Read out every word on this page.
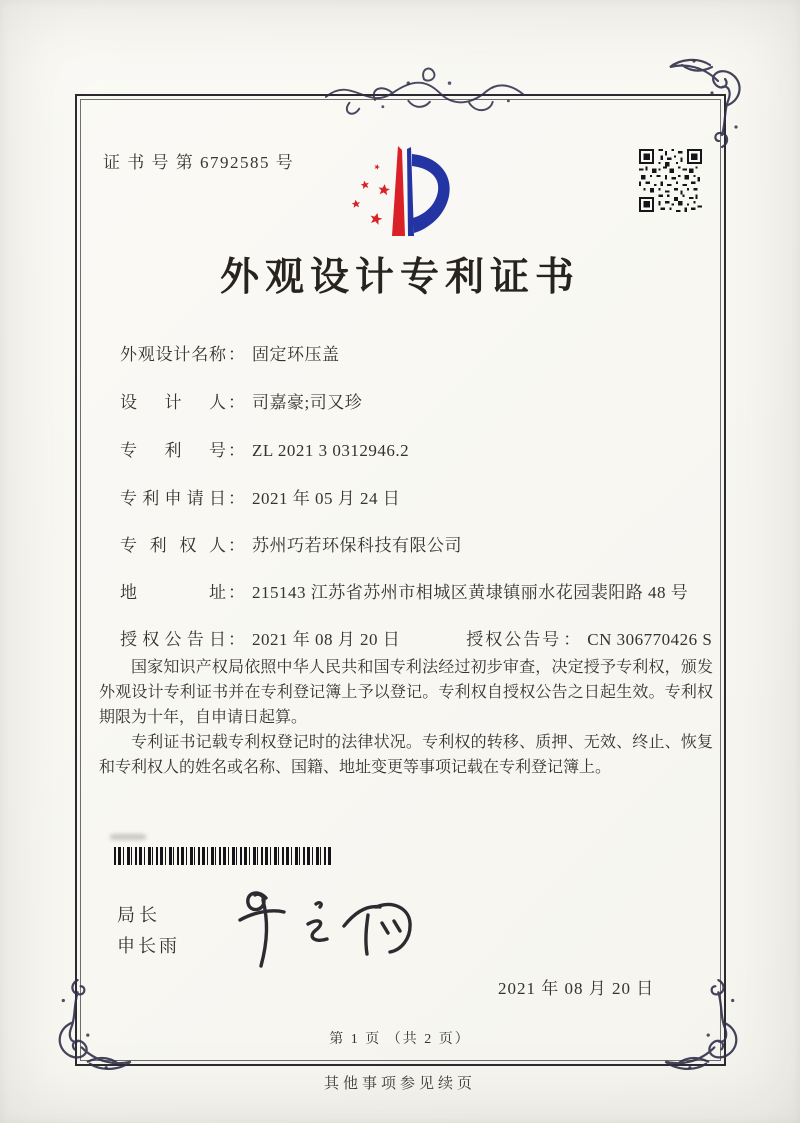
证 书 号 第 6792585 号
外观设计专利证书
外观设计名称 ： 固定环压盖
设计人 ： 司嘉豪;司又珍
专利号 ： ZL 2021 3 0312946.2
专利申请日 ： 2021 年 05 月 24 日
专利权人 ： 苏州巧若环保科技有限公司
地址 ： 215143 江苏省苏州市相城区黄埭镇丽水花园裴阳路 48 号
授权公告日 ： 2021 年 08 月 20 日	授权公告号 ： CN 306770426 S

国家知识产权局依照中华人民共和国专利法经过初步审查，决定授予专利权，颁发外观设计专利证书并在专利登记簿上予以登记。专利权自授权公告之日起生效。专利权期限为十年，自申请日起算。

专利证书记载专利权登记时的法律状况。专利权的转移、质押、无效、终止、恢复和专利权人的姓名或名称、国籍、地址变更等事项记载在专利登记簿上。

局长
申长雨
2021 年 08 月 20 日
第 1 页 （共 2 页）
其他事项参见续页
